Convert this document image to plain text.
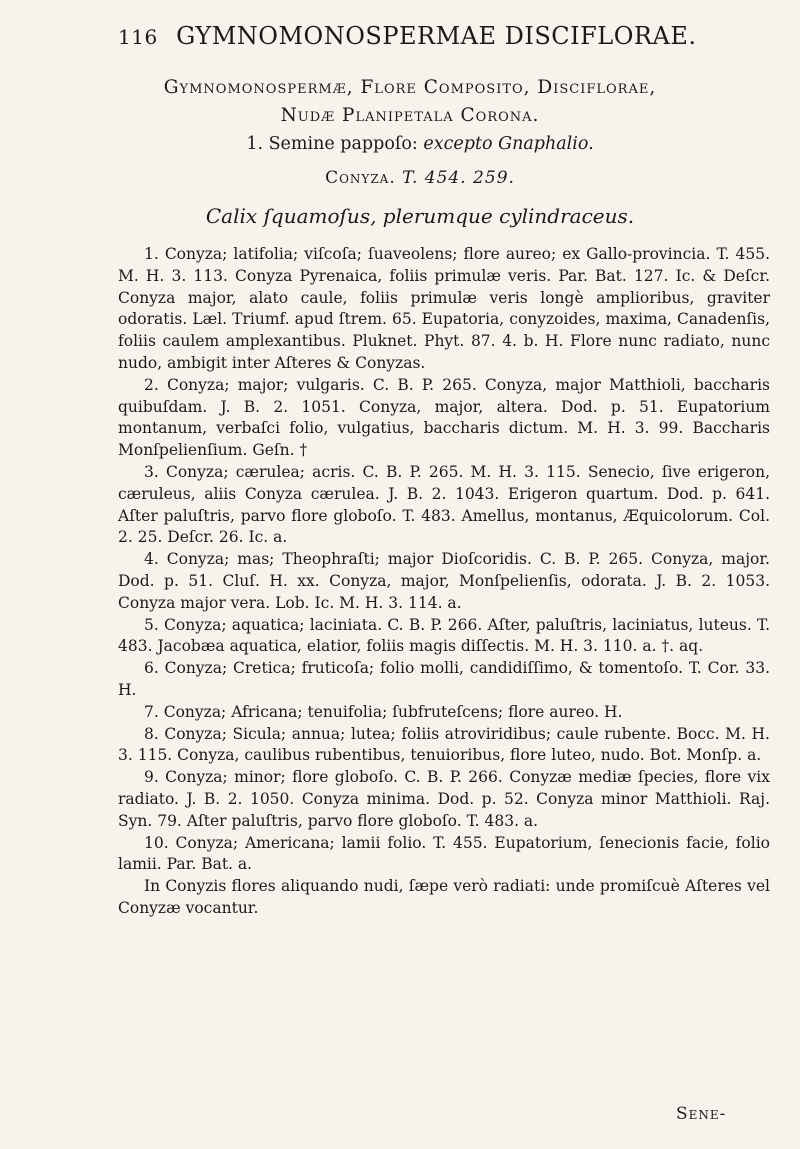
116 GYMNOMONOSPERMAE DISCIFLORAE.
Gymnomonospermæ, Flore Composito, Disciflorae, Nudæ Planipetala Corona.
1. Semine pappoſo: excepto Gnaphalio.
Conyza. T. 454. 259.
Calix ſquamoſus, plerumque cylindraceus.

1. Conyza; latifolia; viſcoſa; ſuaveolens; flore aureo; ex Gallo-provincia. T. 455. M. H. 3. 113. Conyza Pyrenaica, foliis primulæ veris. Par. Bat. 127. Ic. & Deſcr. Conyza major, alato caule, foliis primulæ veris longè amplioribus, graviter odoratis. Læl. Triumf. apud ſtrem. 65. Eupatoria, conyzoides, maxima, Canadenſis, foliis caulem amplexantibus. Pluknet. Phyt. 87. 4. b. H. Flore nunc radiato, nunc nudo, ambigit inter Aſteres & Conyzas.

2. Conyza; major; vulgaris. C. B. P. 265. Conyza, major Matthioli, baccharis quibuſdam. J. B. 2. 1051. Conyza, major, altera. Dod. p. 51. Eupatorium montanum, verbaſci folio, vulgatius, baccharis dictum. M. H. 3. 99. Baccharis Monſpelienſium. Geſn. †

3. Conyza; cærulea; acris. C. B. P. 265. M. H. 3. 115. Senecio, ſive erigeron, cæruleus, aliis Conyza cærulea. J. B. 2. 1043. Erigeron quartum. Dod. p. 641. Aſter paluſtris, parvo flore globoſo. T. 483. Amellus, montanus, Æquicolorum. Col. 2. 25. Deſcr. 26. Ic. a.

4. Conyza; mas; Theophraſti; major Dioſcoridis. C. B. P. 265. Conyza, major. Dod. p. 51. Cluſ. H. xx. Conyza, major, Monſpelienſis, odorata. J. B. 2. 1053. Conyza major vera. Lob. Ic. M. H. 3. 114. a.

5. Conyza; aquatica; laciniata. C. B. P. 266. Aſter, paluſtris, laciniatus, luteus. T. 483. Jacobæa aquatica, elatior, foliis magis diſſectis. M. H. 3. 110. a. †. aq.

6. Conyza; Cretica; fruticoſa; folio molli, candidiſſimo, & tomentoſo. T. Cor. 33. H.

7. Conyza; Africana; tenuifolia; ſubfruteſcens; flore aureo. H.

8. Conyza; Sicula; annua; lutea; foliis atroviridibus; caule rubente. Bocc. M. H. 3. 115. Conyza, caulibus rubentibus, tenuioribus, flore luteo, nudo. Bot. Monſp. a.

9. Conyza; minor; flore globoſo. C. B. P. 266. Conyzæ mediæ ſpecies, flore vix radiato. J. B. 2. 1050. Conyza minima. Dod. p. 52. Conyza minor Matthioli. Raj. Syn. 79. Aſter paluſtris, parvo flore globoſo. T. 483. a.

10. Conyza; Americana; lamii folio. T. 455. Eupatorium, ſenecionis facie, folio lamii. Par. Bat. a.

In Conyzis flores aliquando nudi, ſæpe verò radiati: unde promiſcuè Aſteres vel Conyzæ vocantur.

Sene-
